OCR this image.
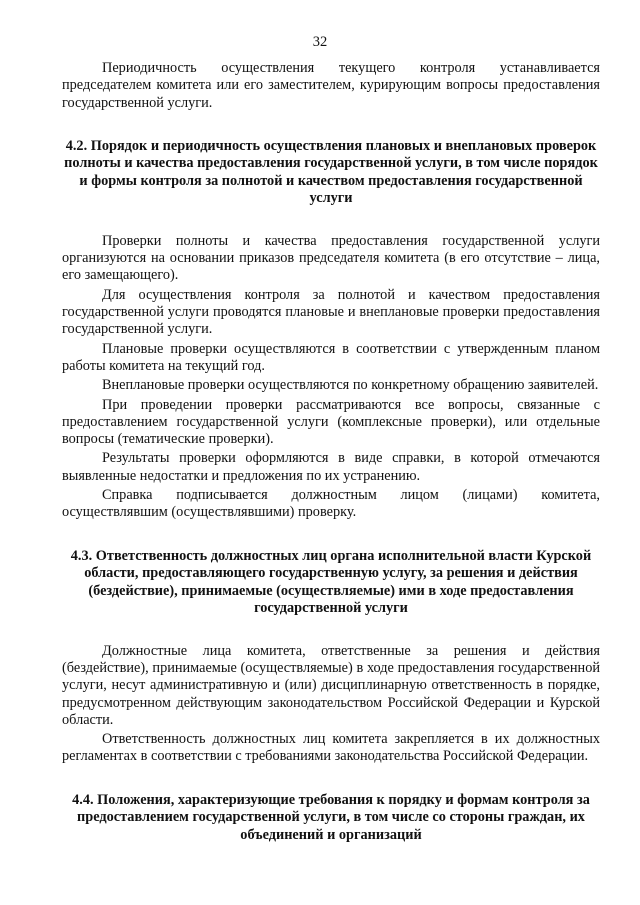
32

Периодичность осуществления текущего контроля устанавливается председателем комитета или его заместителем, курирующим вопросы предоставления государственной услуги.

4.2. Порядок и периодичность осуществления плановых и внеплановых проверок полноты и качества предоставления государственной услуги, в том числе порядок и формы контроля за полнотой и качеством предоставления государственной услуги

Проверки полноты и качества предоставления государственной услуги организуются на основании приказов председателя комитета (в его отсутствие – лица, его замещающего).

Для осуществления контроля за полнотой и качеством предоставления государственной услуги проводятся плановые и внеплановые проверки предоставления государственной услуги.

Плановые проверки осуществляются в соответствии с утвержденным планом работы комитета на текущий год.

Внеплановые проверки осуществляются по конкретному обращению заявителей.

При проведении проверки рассматриваются все вопросы, связанные с предоставлением государственной услуги (комплексные проверки), или отдельные вопросы (тематические проверки).

Результаты проверки оформляются в виде справки, в которой отмечаются выявленные недостатки и предложения по их устранению.

Справка подписывается должностным лицом (лицами) комитета, осуществлявшим (осуществлявшими) проверку.

4.3. Ответственность должностных лиц органа исполнительной власти Курской области, предоставляющего государственную услугу, за решения и действия (бездействие), принимаемые (осуществляемые) ими в ходе предоставления государственной услуги

Должностные лица комитета, ответственные за решения и действия (бездействие), принимаемые (осуществляемые) в ходе предоставления государственной услуги, несут административную и (или) дисциплинарную ответственность в порядке, предусмотренном действующим законодательством Российской Федерации и Курской области.

Ответственность должностных лиц комитета закрепляется в их должностных регламентах в соответствии с требованиями законодательства Российской Федерации.

4.4. Положения, характеризующие требования к порядку и формам контроля за предоставлением государственной услуги, в том числе со стороны граждан, их объединений и организаций
